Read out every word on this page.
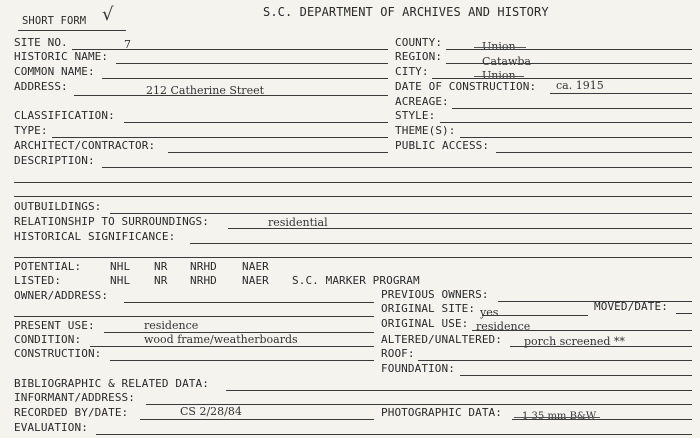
SHORT FORM √	S.C. DEPARTMENT OF ARCHIVES AND HISTORY
SITE NO.	7
HISTORIC NAME:
COMMON NAME:
ADDRESS:	212 Catherine Street
COUNTY:	Union
REGION:	Catawba
CITY:	Union
DATE OF CONSTRUCTION: ca. 1915
ACREAGE:
CLASSIFICATION:
TYPE:
ARCHITECT/CONTRACTOR:
DESCRIPTION:
STYLE:
THEME(S):
PUBLIC ACCESS:
OUTBUILDINGS:
RELATIONSHIP TO SURROUNDINGS:	residential
HISTORICAL SIGNIFICANCE:
POTENTIAL:	NHL NR NRHD NAER
LISTED:	NHL NR NRHD NAER S.C. MARKER PROGRAM
OWNER/ADDRESS:
PRESENT USE:	residence
CONDITION:	wood frame/weatherboards
CONSTRUCTION:
PREVIOUS OWNERS:
ORIGINAL SITE: yes	MOVED/DATE:
ORIGINAL USE: residence
ALTERED/UNALTERED: porch screened **
ROOF:
FOUNDATION:
BIBLIOGRAPHIC & RELATED DATA:
INFORMANT/ADDRESS:
RECORDED BY/DATE:	CS 2/28/84	PHOTOGRAPHIC DATA: 1 35 mm B&W
EVALUATION:
